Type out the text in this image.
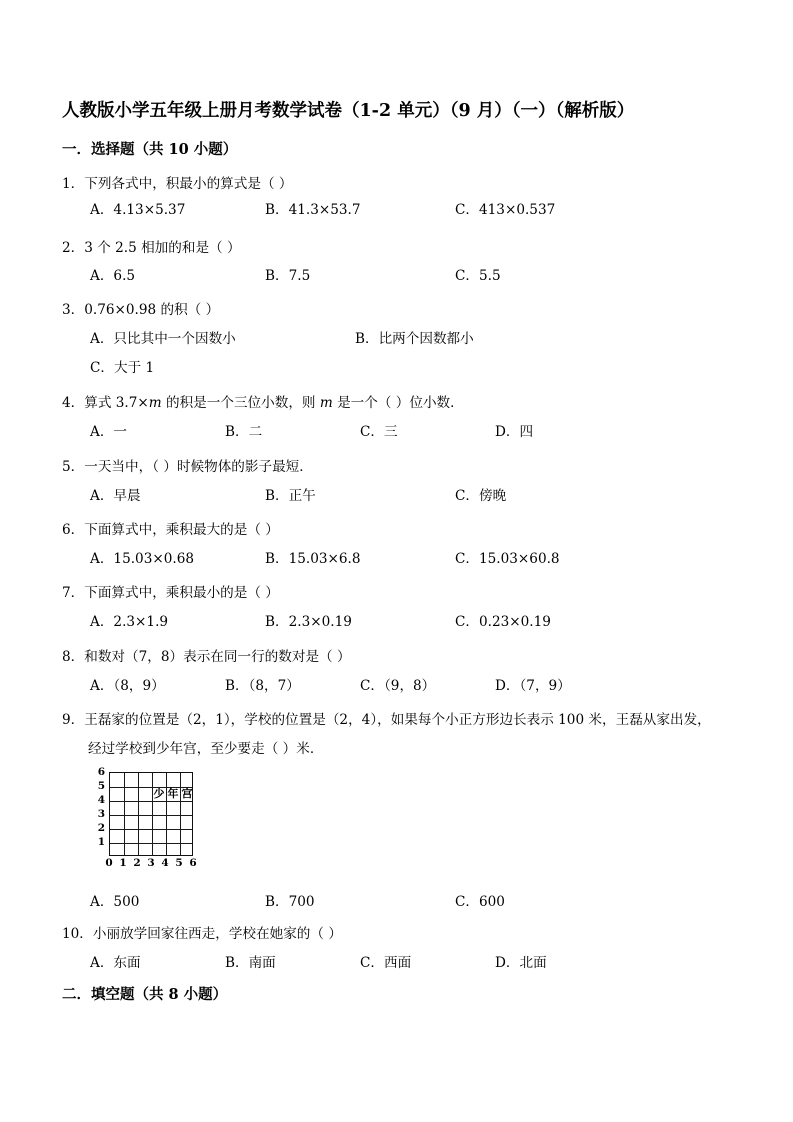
人教版小学五年级上册月考数学试卷（1-2 单元）（9 月）（一）（解析版）
一．选择题（共 10 小题）
1．下列各式中，积最小的算式是（ ）
A．4.13×5.37	B．41.3×53.7	C．413×0.537
2．3 个 2.5 相加的和是（ ）
A．6.5	B．7.5	C．5.5
3．0.76×0.98 的积（ ）
A．只比其中一个因数小	B．比两个因数都小
C．大于 1
4．算式 3.7×m 的积是一个三位小数，则 m 是一个（ ）位小数．
A．一	B．二	C．三	D．四
5．一天当中，（ ）时候物体的影子最短．
A．早晨	B．正午	C．傍晚
6．下面算式中，乘积最大的是（ ）
A．15.03×0.68	B．15.03×6.8	C．15.03×60.8
7．下面算式中，乘积最小的是（ ）
A．2.3×1.9	B．2.3×0.19	C．0.23×0.19
8．和数对（7，8）表示在同一行的数对是（ ）
A．（8，9）	B．（8，7）	C．（9，8）	D．（7，9）
9．王磊家的位置是（2，1），学校的位置是（2，4），如果每个小正方形边长表示 100 米，王磊从家出发，
经过学校到少年宫，至少要走（ ）米．
少 年 宫
6
5
4
3
2
1
0 1 2 3 4 5 6
A．500	B．700	C．600
10．小丽放学回家往西走，学校在她家的（ ）
A．东面	B．南面	C．西面	D．北面
二．填空题（共 8 小题）
